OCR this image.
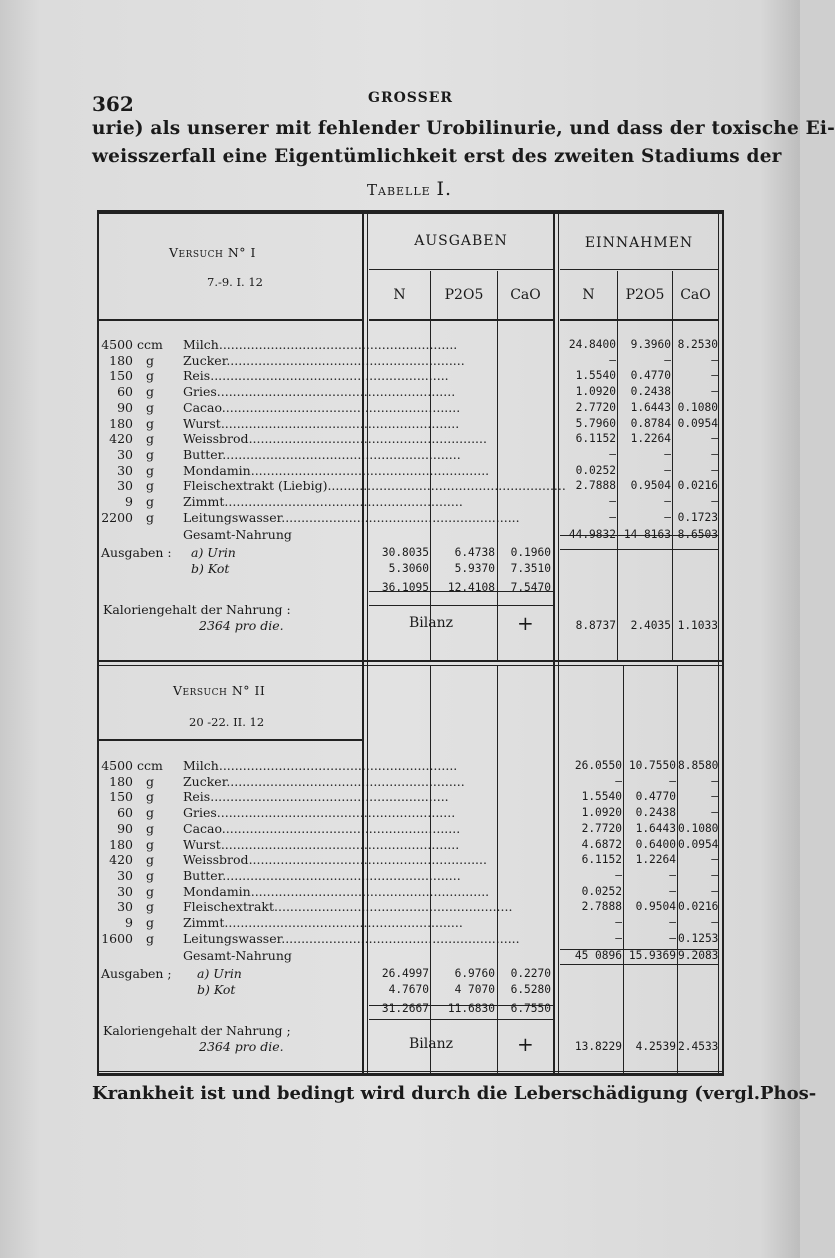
362	GROSSER
urie) als unserer mit fehlender Urobilinurie, und dass der toxische Ei-
weisszerfall eine Eigentümlichkeit erst des zweiten Stadiums der
Tabelle I.
AUSGABEN	EINNAHMEN
N	P2O5	CaO	N	P2O5	CaO
Versuch N° I
7.-9. I. 12
4500 ccm Milch............................................................	24.8400	9.3960 8.2530
180 g Zucker............................................................	—	—	—
150 g Reis............................................................	1.5540	0.4770	—
60 g Gries............................................................	1.0920	0.2438	—
90 g Cacao............................................................	2.7720	1.6443 0.1080
180 g Wurst............................................................	5.7960	0.8784 0.0954
420 g Weissbrod............................................................	6.1152	1.2264	—
30 g Butter............................................................	—	—	—
30 g Mondamin............................................................	0.0252	—	—
30 g Fleischextrakt (Liebig)............................................................ 2.7888	0.9504 0.0216
9 g Zimmt............................................................	—	—	—
2200 g Leitungswasser............................................................	—	— 0.1723
Gesamt-Nahrung	44.9832 14 8163 8.6503
Ausgaben : a) Urin
b) Kot
30.8035	6.4738	0.1960
5.3060	5.9370	7.3510
36.1095	12.4108	7.5470
Kaloriengehalt der Nahrung :
2364 pro die.	Bilanz	+	8.8737	2.4035 1.1033
Versuch N° II
20 -22. II. 12
4500 ccm Milch............................................................	26.0550 10.7550 8.8580
180 g Zucker............................................................	—	—	—
150 g Reis............................................................	1.5540	0.4770	—
60 g Gries............................................................	1.0920	0.2438	—
90 g Cacao............................................................	2.7720	1.6443 0.1080
180 g Wurst............................................................	4.6872	0.6400 0.0954
420 g Weissbrod............................................................	6.1152	1.2264	—
30 g Butter............................................................	—	—	—
30 g Mondamin............................................................	0.0252	—	—
30 g Fleischextrakt............................................................	2.7888	0.9504 0.0216
9 g Zimmt............................................................	—	—	—
1600 g Leitungswasser............................................................	—	— 0.1253
Gesamt-Nahrung	45 0896 15.9369 9.2083
Ausgaben ; a) Urin
b) Kot
26.4997	6.9760	0.2270
4.7670	4 7070	6.5280
31.2667	11.6830	6.7550
Kaloriengehalt der Nahrung ;
2364 pro die.	Bilanz	+	13.8229	4.2539 2.4533
Krankheit ist und bedingt wird durch die Leberschädigung (vergl.Phos-
